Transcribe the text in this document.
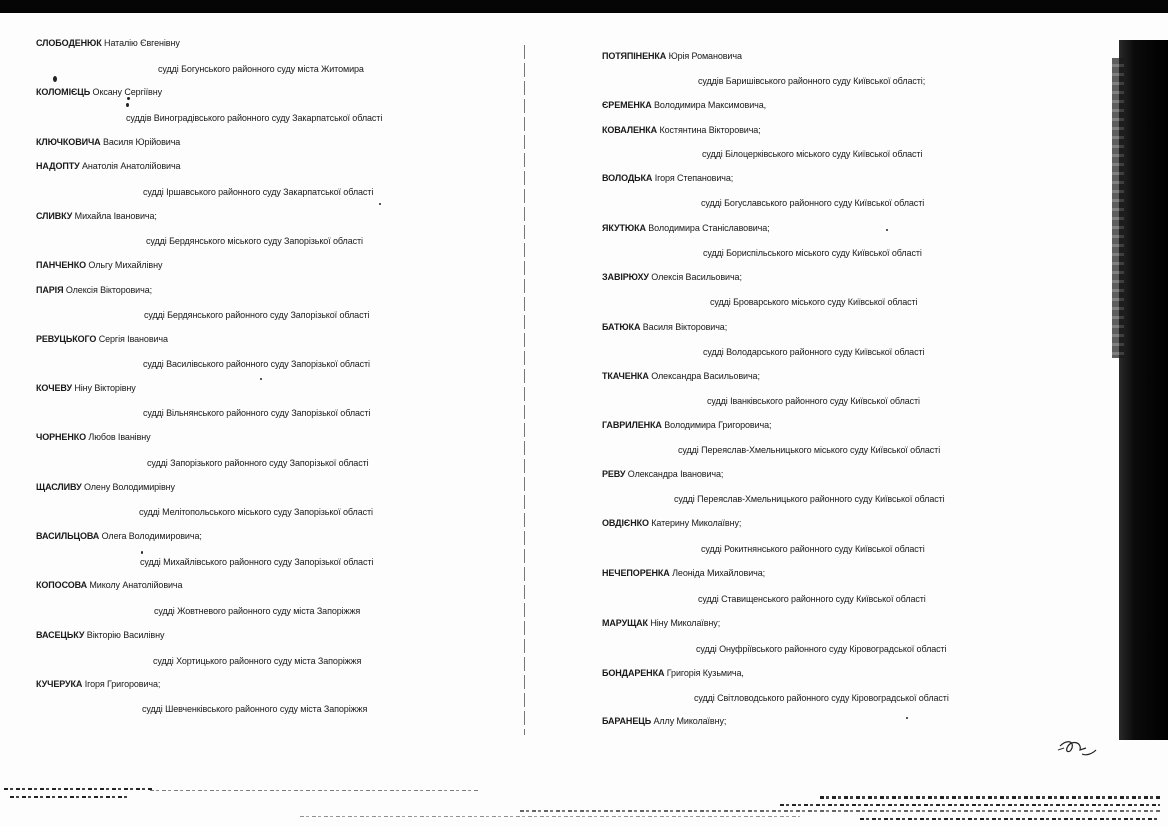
СЛОБОДЕНЮК Наталію Євгенівну
судді Богунського районного суду міста Житомира
КОЛОМІЄЦЬ Оксану Сергіївну
суддів Виноградівського районного суду Закарпатської області
КЛЮЧКОВИЧА Василя Юрійовича
НАДОПТУ Анатолія Анатолійовича
судді Іршавського районного суду Закарпатської області
СЛИВКУ Михайла Івановича;
судді Бердянського міського суду Запорізької області
ПАНЧЕНКО Ольгу Михайлівну
ПАРІЯ Олексія Вікторовича;
судді Бердянського районного суду Запорізької області
РЕВУЦЬКОГО Сергія Івановича
судді Василівського районного суду Запорізької області
КОЧЕВУ Ніну Вікторівну
судді Вільнянського районного суду Запорізької області
ЧОРНЕНКО Любов Іванівну
судді Запорізького районного суду Запорізької області
ЩАСЛИВУ Олену Володимирівну
судді Мелітопольського міського суду Запорізької області
ВАСИЛЬЦОВА Олега Володимировича;
судді Михайлівського районного суду Запорізької області
КОПОСОВА Миколу Анатолійовича
судді Жовтневого районного суду міста Запоріжжя
ВАСЕЦЬКУ Вікторію Василівну
судді Хортицького районного суду міста Запоріжжя
КУЧЕРУКА Ігоря Григоровича;
судді Шевченківського районного суду міста Запоріжжя
ПОТЯПІНЕНКА Юрія Романовича
суддів Баришівського районного суду Київської області;
ЄРЕМЕНКА Володимира Максимовича,
КОВАЛЕНКА Костянтина Вікторовича;
судді Білоцерківського міського суду Київської області
ВОЛОДЬКА Ігоря Степановича;
судді Богуславського районного суду Київської області
ЯКУТЮКА Володимира Станіславовича;
судді Бориспільського міського суду Київської області
ЗАВІРЮХУ Олексія Васильовича;
судді Броварського міського суду Київської області
БАТЮКА Василя Вікторовича;
судді Володарського районного суду Київської області
ТКАЧЕНКА Олександра Васильовича;
судді Іванківського районного суду Київської області
ГАВРИЛЕНКА Володимира Григоровича;
судді Переяслав-Хмельницького міського суду Київської області
РЕВУ Олександра Івановича;
судді Переяслав-Хмельницького районного суду Київської області
ОВДІЄНКО Катерину Миколаївну;
судді Рокитнянського районного суду Київської області
НЕЧЕПОРЕНКА Леоніда Михайловича;
судді Ставищенського районного суду Київської області
МАРУЩАК Ніну Миколаївну;
судді Онуфріївського районного суду Кіровоградської області
БОНДАРЕНКА Григорія Кузьмича,
судді Світловодського районного суду Кіровоградської області
БАРАНЕЦЬ Аллу Миколаївну;
